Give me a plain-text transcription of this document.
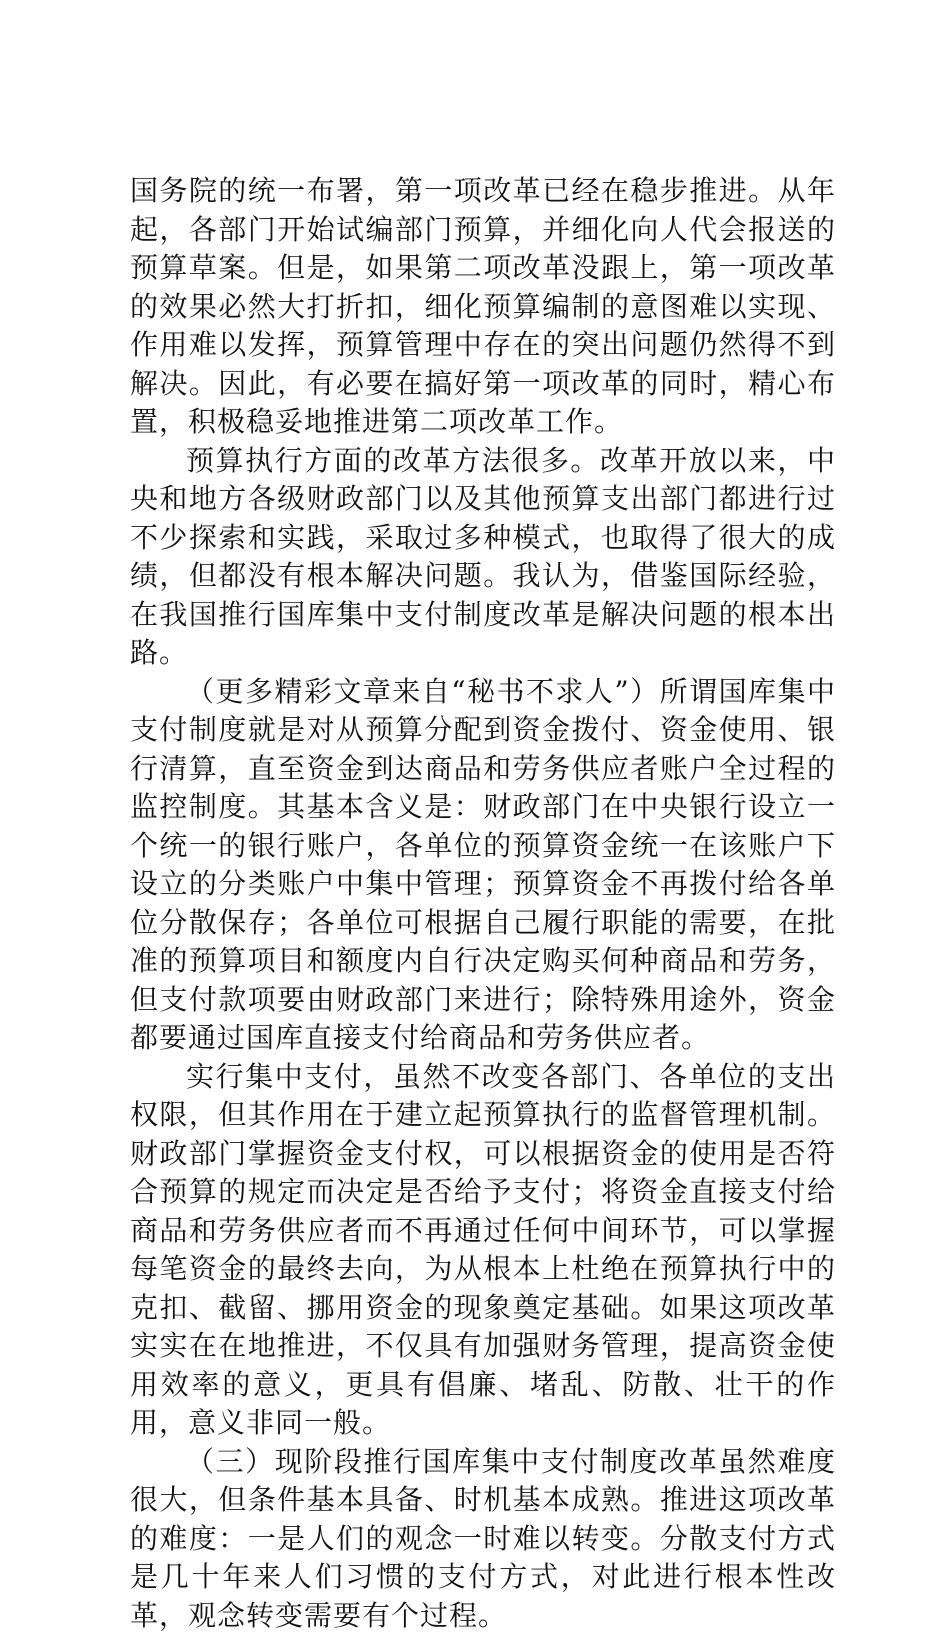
国务院的统一布署，第一项改革已经在稳步推进。从年起，各部门开始试编部门预算，并细化向人代会报送的预算草案。但是，如果第二项改革没跟上，第一项改革的效果必然大打折扣，细化预算编制的意图难以实现、作用难以发挥，预算管理中存在的突出问题仍然得不到解决。因此，有必要在搞好第一项改革的同时，精心布置，积极稳妥地推进第二项改革工作。

预算执行方面的改革方法很多。改革开放以来，中央和地方各级财政部门以及其他预算支出部门都进行过不少探索和实践，采取过多种模式，也取得了很大的成绩，但都没有根本解决问题。我认为，借鉴国际经验，在我国推行国库集中支付制度改革是解决问题的根本出路。

（更多精彩文章来自“秘书不求人”）所谓国库集中支付制度就是对从预算分配到资金拨付、资金使用、银行清算，直至资金到达商品和劳务供应者账户全过程的监控制度。其基本含义是：财政部门在中央银行设立一个统一的银行账户，各单位的预算资金统一在该账户下设立的分类账户中集中管理；预算资金不再拨付给各单位分散保存；各单位可根据自己履行职能的需要，在批准的预算项目和额度内自行决定购买何种商品和劳务，但支付款项要由财政部门来进行；除特殊用途外，资金都要通过国库直接支付给商品和劳务供应者。

实行集中支付，虽然不改变各部门、各单位的支出权限，但其作用在于建立起预算执行的监督管理机制。财政部门掌握资金支付权，可以根据资金的使用是否符合预算的规定而决定是否给予支付；将资金直接支付给商品和劳务供应者而不再通过任何中间环节，可以掌握每笔资金的最终去向，为从根本上杜绝在预算执行中的克扣、截留、挪用资金的现象奠定基础。如果这项改革实实在在地推进，不仅具有加强财务管理，提高资金使用效率的意义，更具有倡廉、堵乱、防散、壮干的作用，意义非同一般。

（三）现阶段推行国库集中支付制度改革虽然难度很大，但条件基本具备、时机基本成熟。推进这项改革的难度：一是人们的观念一时难以转变。分散支付方式是几十年来人们习惯的支付方式，对此进行根本性改革，观念转变需要有个过程。
